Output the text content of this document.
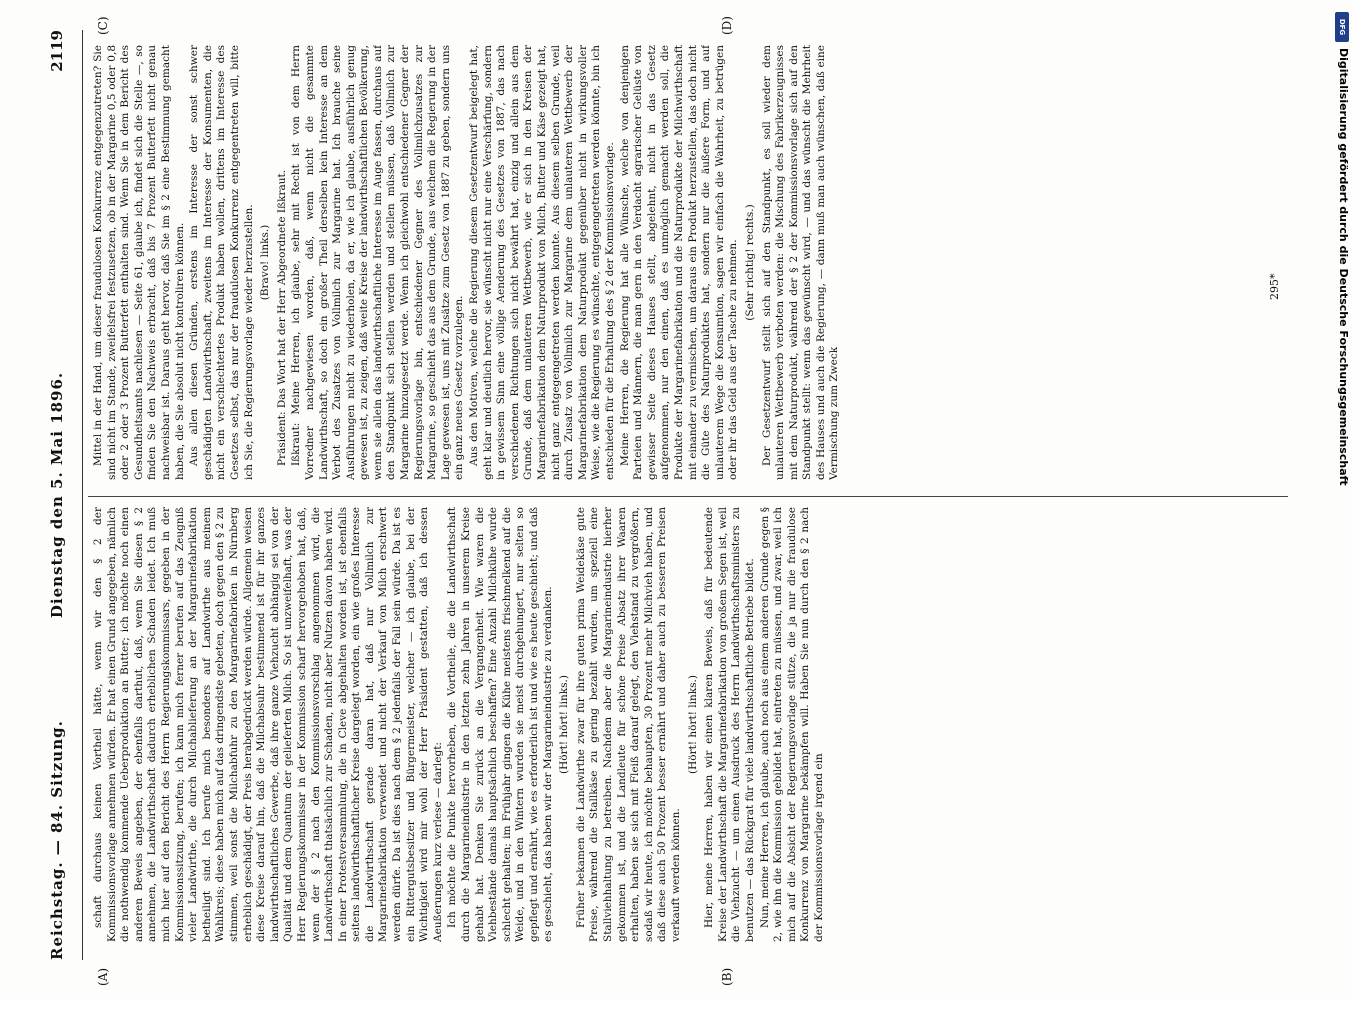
Reichstag. — 84. Sitzung.
Dienstag den 5. Mai 1896.
2119
(A)	(B)
(C)	(D)

schaft durchaus keinen Vortheil hätte, wenn wir den § 2 der Kommissionsvorlage annehmen würden. Er hat einen Grund angegeben, nämlich die nothwendig kommende Ueberproduktion an Butter; ich möchte noch einen anderen Beweis angeben, der ebenfalls darthut, daß, wenn Sie diesen § 2 annehmen, die Landwirthschaft dadurch erheblichen Schaden leidet. Ich muß mich hier auf den Bericht des Herrn Regierungskommissars, gegeben in der Kommissionssitzung, berufen; ich kann mich ferner berufen auf das Zeugniß vieler Landwirthe, die durch Milchablieferung an der Margarinefabrikation betheiligt sind. Ich berufe mich besonders auf Landwirthe aus meinem Wahlkreis; diese haben mich auf das dringendste gebeten, doch gegen den § 2 zu stimmen, weil sonst die Milchabfuhr zu den Margarinefabriken in Nürnberg erheblich geschädigt, der Preis herabgedrückt werden würde. Allgemein weisen diese Kreise darauf hin, daß die Milchabsuhr bestimmend ist für ihr ganzes landwirthschaftliches Gewerbe, daß ihre ganze Viehzucht abhängig sei von der Qualität und dem Quantum der gelieferten Milch. So ist unzweifelhaft, was der Herr Regierungskommissar in der Kommission scharf hervorgehoben hat, daß, wenn der § 2 nach den Kommissionsvorschlag angenommen wird, die Landwirthschaft thatsächlich zur Schaden, nicht aber Nutzen davon haben wird. In einer Protestversammlung, die in Cleve abgehalten worden ist, ist ebenfalls seitens landwirthschaftlicher Kreise dargelegt worden, ein wie großes Interesse die Landwirthschaft gerade daran hat, daß nur Vollmilch zur Margarinefabrikation verwendet und nicht der Verkauf von Milch erschwert werden dürfe. Da ist dies nach dem § 2 jedenfalls der Fall sein würde. Da ist es ein Rittergutsbesitzer und Bürgermeister, welcher — ich glaube, bei der Wichtigkeit wird mir wohl der Herr Präsident gestatten, daß ich dessen Aeußerungen kurz verlese — darlegt: Ich möchte die Punkte hervorheben, die Vortheile, die die Landwirthschaft durch die Margarineindustrie in den letzten zehn Jahren in unserem Kreise gehabt hat. Denken Sie zurück an die Vergangenheit. Wie waren die Viehbestände damals hauptsächlich beschaffen? Eine Anzahl Milchkühe wurde schlecht gehalten; im Frühjahr gingen die Kühe meistens frischmelkend auf die Weide, und in den Wintern wurden sie meist durchgehungert, nur selten so gepflegt und ernährt, wie es erforderlich ist und wie es heute geschieht; und daß es geschieht, das haben wir der Margarineindustrie zu verdanken. (Hört! hört! links.) Früher bekamen die Landwirthe zwar für ihre guten prima Weidekäse gute Preise, während die Stallkäse zu gering bezahlt wurden, um speziell eine Stallviehhaltung zu betreiben. Nachdem aber die Margarineindustrie hierher gekommen ist, und die Landleute für schöne Preise Absatz ihrer Waaren erhalten, haben sie sich mit Fleiß darauf gelegt, den Viehstand zu vergrößern, sodaß wir heute, ich möchte behaupten, 30 Prozent mehr Milchvieh haben, und daß diese auch 50 Prozent besser ernährt und daher auch zu besseren Preisen verkauft werden können.

(Hört! hört! links.) Hier, meine Herren, haben wir einen klaren Beweis, daß für bedeutende Kreise der Landwirthschaft die Margarinefabrikation von großem Segen ist, weil die Viehzucht — um einen Ausdruck des Herrn Landwirthschaftsministers zu benutzen — das Rückgrat für viele landwirthschaftliche Betriebe bildet. Nun, meine Herren, ich glaube, auch noch aus einem anderen Grunde gegen § 2, wie ihn die Kommission gebildet hat, eintreten zu müssen, und zwar, weil ich mich auf die Absicht der Regierungsvorlage stütze, die ja nur die fraudulose Konkurrenz von Margarine bekämpfen will. Haben Sie nun durch den § 2 nach der Kommissionsvorlage irgend ein

Mittel in der Hand, um dieser fraudulosen Konkurrenz entgegenzutreten? Sie sind nicht im Stande, zweifelsfrei festzusetzen, ob in der Margarine 0,5 oder 0,8 oder 2 oder 3 Prozent Butterfett enthalten sind. Wenn Sie in dem Bericht des Gesundheitsamts nachlesen — Seite 61, glaube ich, findet sich die Stelle —, so finden Sie den Nachweis erbracht, daß bis 7 Prozent Butterfett nicht genau nachweisbar ist. Daraus geht hervor, daß Sie im § 2 eine Bestimmung gemacht haben, die Sie absolut nicht kontroliren können. Aus allen diesen Gründen, erstens im Interesse der sonst schwer geschädigten Landwirthschaft, zweitens im Interesse der Konsumenten, die nicht ein verschlechtertes Produkt haben wollen, drittens im Interesse des Gesetzes selbst, das nur der fraudulosen Konkurrenz entgegentreten will, bitte ich Sie, die Regierungsvorlage wieder herzustellen. (Bravo! links.) Präsident: Das Wort hat der Herr Abgeordnete Ißkraut. Ißkraut: Meine Herren, ich glaube, sehr mit Recht ist von dem Herrn Vorredner nachgewiesen worden, daß, wenn nicht die gesammte Landwirthschaft, so doch ein großer Theil derselben kein Interesse an dem Verbot des Zusatzes von Vollmilch zur Margarine hat. Ich brauche seine Ausführungen nicht zu wiederholen, da er, wie ich glaube, ausführlich genug gewesen ist, zu zeigen, daß weite Kreise der landwirthschaftlichen Bevölkerung, wenn sie allein das landwirthschaftliche Interesse im Auge fassen, durchaus auf den Standpunkt sich stellen werden und stellen müssen, daß Vollmilch zur Margarine hinzugesetzt werde. Wenn ich gleichwohl entschiedener Gegner der Regierungsvorlage bin, entschiedener Gegner des Vollmilchzusatzes zur Margarine, so geschieht das aus dem Grunde, aus welchem die Regierung in der Lage gewesen ist, uns mit Zusätze zum Gesetz von 1887 zu geben, sondern uns ein ganz neues Gesetz vorzulegen. Aus den Motiven, welche die Regierung diesem Gesetzentwurf beigelegt hat, geht klar und deutlich hervor, sie wünscht nicht nur eine Verschärfung, sondern in gewissem Sinn eine völlige Aenderung des Gesetzes von 1887, das nach verschiedenen Richtungen sich nicht bewährt hat, einzig und allein aus dem Grunde, daß dem unlauteren Wettbewerb, wie er sich in den Kreisen der Margarinefabrikation dem Naturprodukt von Milch, Butter und Käse gezeigt hat, nicht ganz entgegengetreten werden konnte. Aus diesem selben Grunde, weil durch Zusatz von Vollmilch zur Margarine dem unlauteren Wettbewerb der Margarinefabrikation dem Naturprodukt gegenüber nicht in wirkungsvoller Weise, wie die Regierung es wünschte, entgegengetreten werden könnte, bin ich entschieden für die Erhaltung des § 2 der Kommissionsvorlage. Meine Herren, die Regierung hat alle Wünsche, welche von denjenigen Parteien und Männern, die man gern in den Verdacht agrarischer Gelüste von gewisser Seite dieses Hauses stellt, abgelehnt, nicht in das Gesetz aufgenommen, nur den einen, daß es unmöglich gemacht werden soll, die Produkte der Margarinefabrikation und die Naturprodukte der Milchwirthschaft mit einander zu vermischen, um daraus ein Produkt herzustellen, das doch nicht die Güte des Naturproduktes hat, sondern nur die äußere Form, und auf unlauterem Wege die Konsumtion, sagen wir einfach die Wahrheit, zu betrügen oder ihr das Geld aus der Tasche zu nehmen. (Sehr richtig! rechts.) Der Gesetzentwurf stellt sich auf den Standpunkt, es soll wieder dem unlauteren Wettbewerb verboten werden: die Mischung des Fabrikerzeugnisses mit dem Naturprodukt, während der § 2 der Kommissionsvorlage sich auf den Standpunkt stellt: wenn das gewünscht wird, — und das wünscht die Mehrheit des Hauses und auch die Regierung, — dann muß man auch wünschen, daß eine Vermischung zum Zweck

295*
DFG
Digitalisierung gefördert durch die Deutsche Forschungsgemeinschaft
